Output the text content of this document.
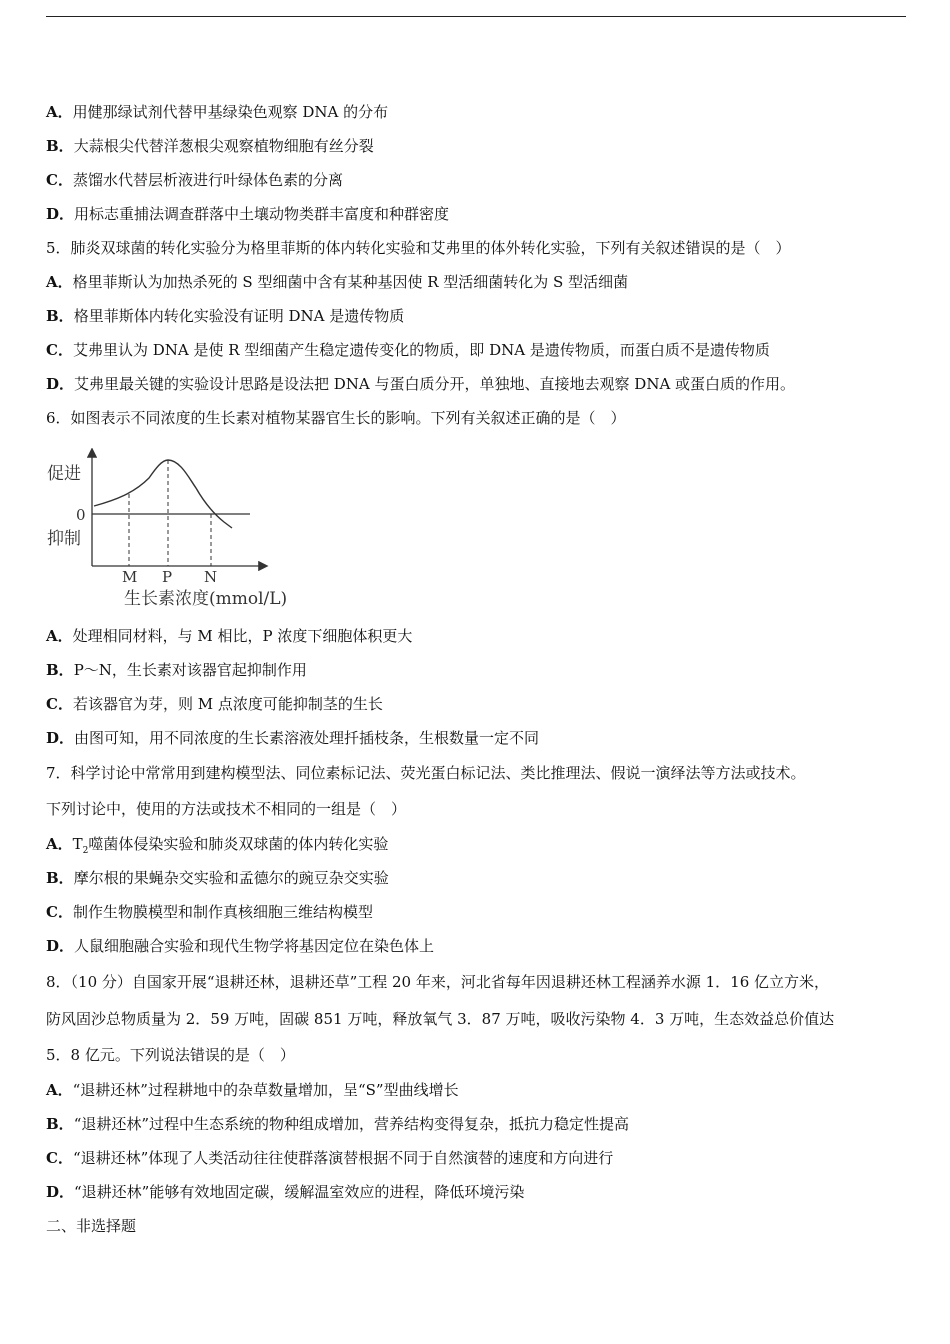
A．用健那绿试剂代替甲基绿染色观察 DNA 的分布
B．大蒜根尖代替洋葱根尖观察植物细胞有丝分裂
C．蒸馏水代替层析液进行叶绿体色素的分离
D．用标志重捕法调查群落中土壤动物类群丰富度和种群密度
5．肺炎双球菌的转化实验分为格里菲斯的体内转化实验和艾弗里的体外转化实验，下列有关叙述错误的是（　）
A．格里菲斯认为加热杀死的 S 型细菌中含有某种基因使 R 型活细菌转化为 S 型活细菌
B．格里菲斯体内转化实验没有证明 DNA 是遗传物质
C．艾弗里认为 DNA 是使 R 型细菌产生稳定遗传变化的物质，即 DNA 是遗传物质，而蛋白质不是遗传物质
D．艾弗里最关键的实验设计思路是设法把 DNA 与蛋白质分开，单独地、直接地去观察 DNA 或蛋白质的作用。
6．如图表示不同浓度的生长素对植物某器官生长的影响。下列有关叙述正确的是（　）
促进
0
抑制
M P N
生长素浓度(mmol/L)
A．处理相同材料，与 M 相比，P 浓度下细胞体积更大
B．P～N，生长素对该器官起抑制作用
C．若该器官为芽，则 M 点浓度可能抑制茎的生长
D．由图可知，用不同浓度的生长素溶液处理扦插枝条，生根数量一定不同
7．科学讨论中常常用到建构模型法、同位素标记法、荧光蛋白标记法、类比推理法、假说一演绎法等方法或技术。
下列讨论中，使用的方法或技术不相同的一组是（　）
A．$T_2$噬菌体侵染实验和肺炎双球菌的体内转化实验
B．摩尔根的果蝇杂交实验和孟德尔的豌豆杂交实验
C．制作生物膜模型和制作真核细胞三维结构模型
D．人鼠细胞融合实验和现代生物学将基因定位在染色体上
8．（10 分）自国家开展“退耕还林，退耕还草”工程 20 年来，河北省每年因退耕还林工程涵养水源 1．16 亿立方米，
防风固沙总物质量为 2．59 万吨，固碳 851 万吨，释放氧气 3．87 万吨，吸收污染物 4．3 万吨，生态效益总价值达
5．8 亿元。下列说法错误的是（　）
A．“退耕还林”过程耕地中的杂草数量增加，呈“S”型曲线增长
B．“退耕还林”过程中生态系统的物种组成增加，营养结构变得复杂，抵抗力稳定性提高
C．“退耕还林”体现了人类活动往往使群落演替根据不同于自然演替的速度和方向进行
D．“退耕还林”能够有效地固定碳，缓解温室效应的进程，降低环境污染
二、非选择题
